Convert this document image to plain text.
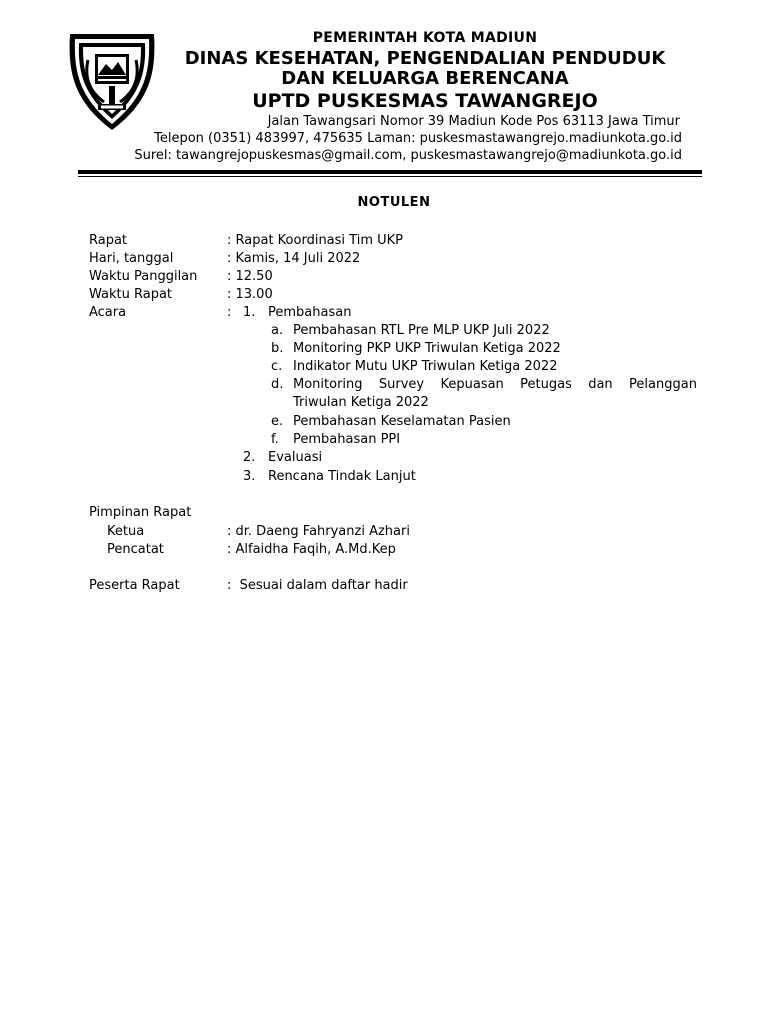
PEMERINTAH KOTA MADIUN
DINAS KESEHATAN, PENGENDALIAN PENDUDUK
DAN KELUARGA BERENCANA
UPTD PUSKESMAS TAWANGREJO
Jalan Tawangsari Nomor 39 Madiun Kode Pos 63113 Jawa Timur
Telepon (0351) 483997, 475635 Laman: puskesmastawangrejo.madiunkota.go.id
Surel: tawangrejopuskesmas@gmail.com, puskesmastawangrejo@madiunkota.go.id
NOTULEN
Rapat	: Rapat Koordinasi Tim UKP
Hari, tanggal	: Kamis, 14 Juli 2022
Waktu Panggilan : 12.50
Waktu Rapat	: 13.00
Acara	: 1. Pembahasan
a. Pembahasan RTL Pre MLP UKP Juli 2022
b. Monitoring PKP UKP Triwulan Ketiga 2022
c. Indikator Mutu UKP Triwulan Ketiga 2022
d. Monitoring Survey Kepuasan Petugas dan Pelanggan
Triwulan Ketiga 2022
e. Pembahasan Keselamatan Pasien
f. Pembahasan PPI
2. Evaluasi
3. Rencana Tindak Lanjut
Pimpinan Rapat
Ketua	: dr. Daeng Fahryanzi Azhari
Pencatat	: Alfaidha Faqih, A.Md.Kep
Peserta Rapat	:  Sesuai dalam daftar hadir
